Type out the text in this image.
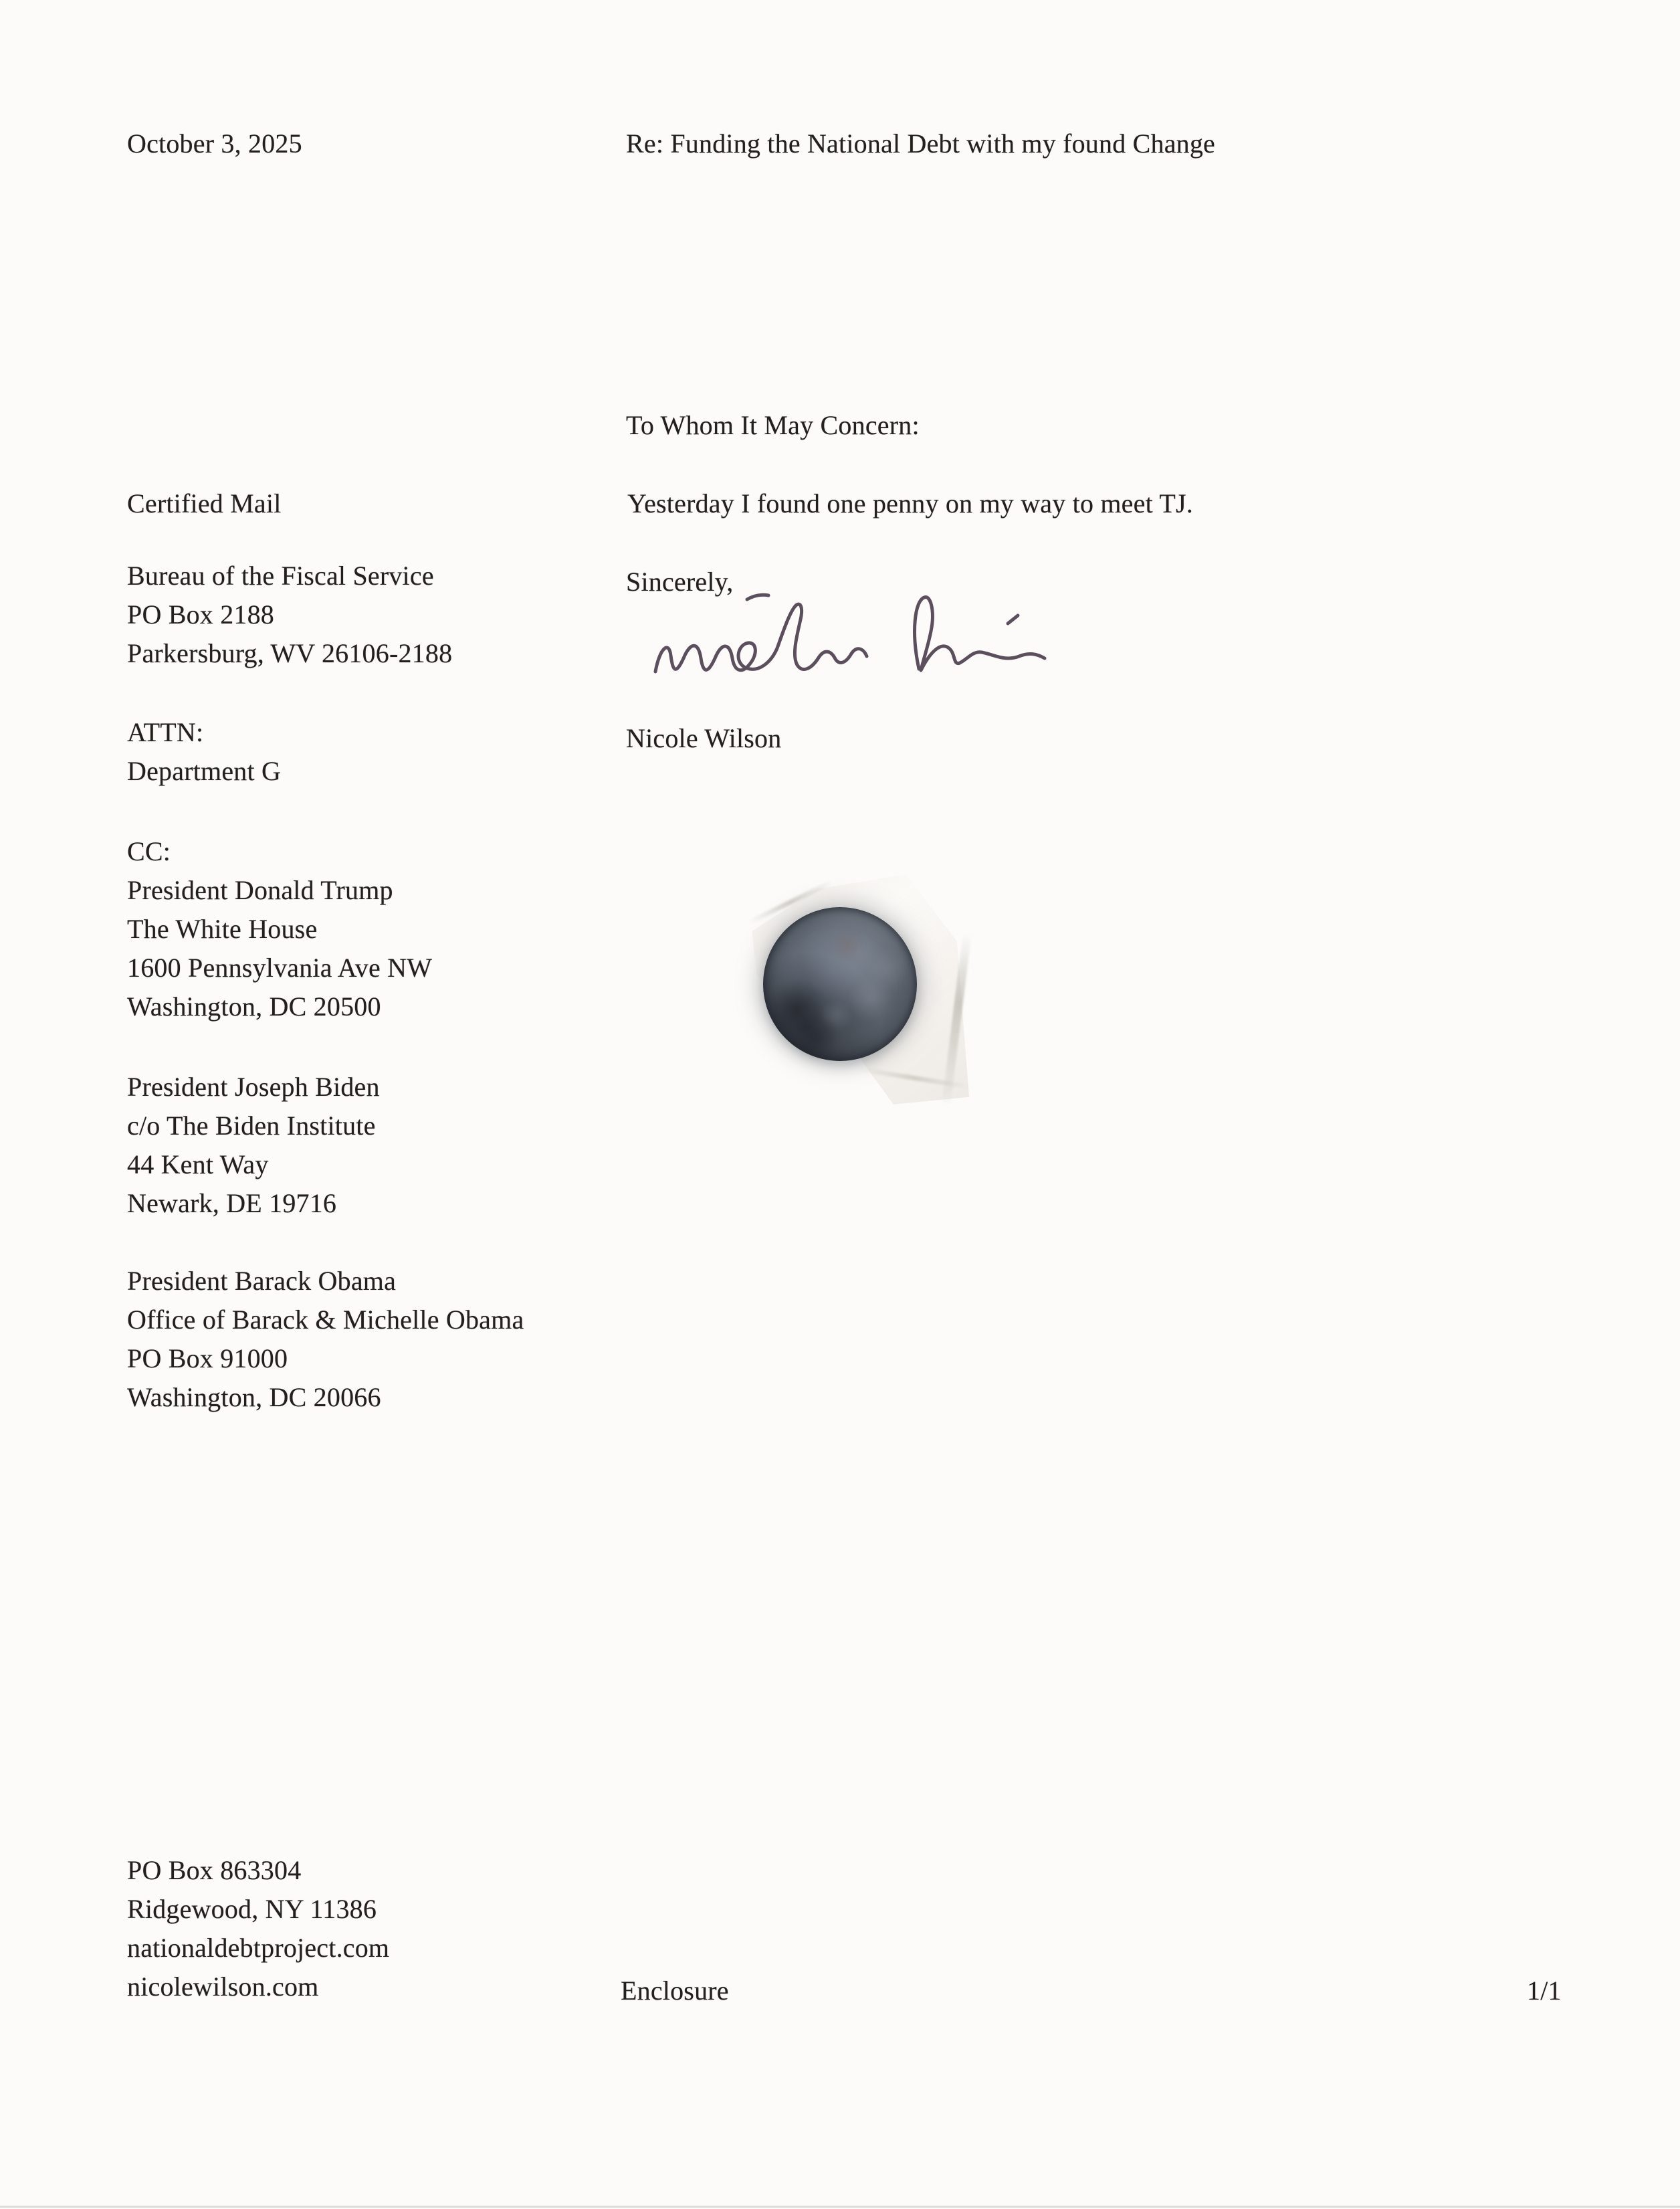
October 3, 2025	Re: Funding the National Debt with my found Change
To Whom It May Concern:
Yesterday I found one penny on my way to meet TJ.
Sincerely,
Nicole Wilson
Certified Mail
Bureau of the Fiscal Service
PO Box 2188
Parkersburg, WV 26106-2188
ATTN:
Department G
CC:
President Donald Trump
The White House
1600 Pennsylvania Ave NW
Washington, DC 20500
President Joseph Biden
c/o The Biden Institute
44 Kent Way
Newark, DE 19716
President Barack Obama
Office of Barack & Michelle Obama
PO Box 91000
Washington, DC 20066
PO Box 863304
Ridgewood, NY 11386
nationaldebtproject.com
nicolewilson.com	Enclosure	1/1
